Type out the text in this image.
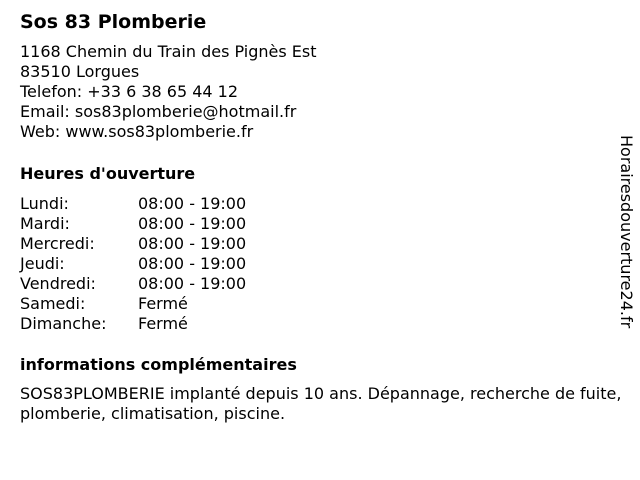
Sos 83 Plomberie
1168 Chemin du Train des Pignès Est
83510 Lorgues
Telefon: +33 6 38 65 44 12
Email: sos83plomberie@hotmail.fr
Web: www.sos83plomberie.fr
Heures d'ouverture
Lundi:	08:00 - 19:00
Mardi:	08:00 - 19:00
Mercredi:	08:00 - 19:00
Jeudi:	08:00 - 19:00
Vendredi:	08:00 - 19:00
Samedi:	Fermé
Dimanche:	Fermé
informations complémentaires
SOS83PLOMBERIE implanté depuis 10 ans. Dépannage, recherche de fuite, plomberie, climatisation, piscine.
Horairesdouverture24.fr
